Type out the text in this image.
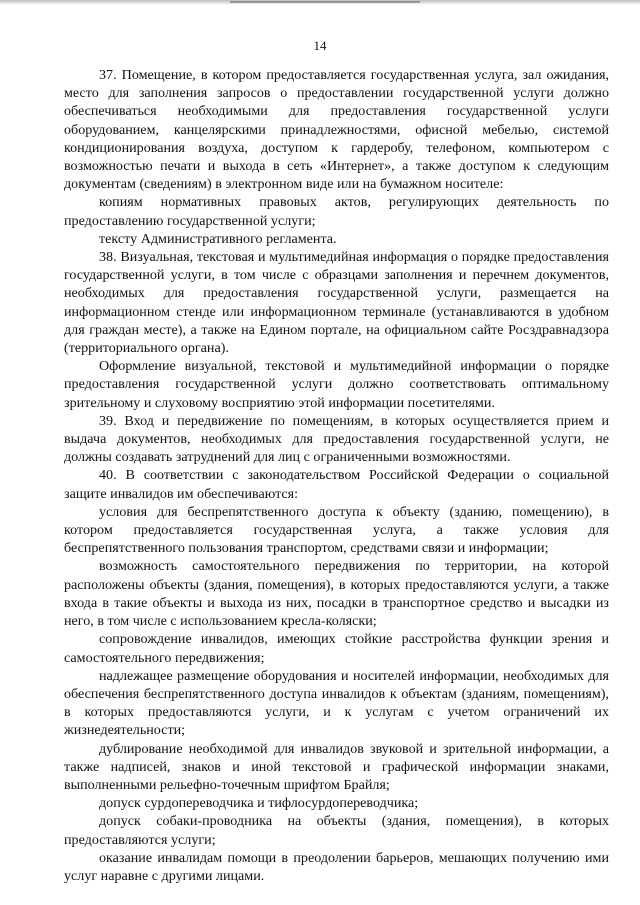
14

37. Помещение, в котором предоставляется государственная услуга, зал ожидания, место для заполнения запросов о предоставлении государственной услуги должно обеспечиваться необходимыми для предоставления государственной услуги оборудованием, канцелярскими принадлежностями, офисной мебелью, системой кондиционирования воздуха, доступом к гардеробу, телефоном, компьютером с возможностью печати и выхода в сеть «Интернет», а также доступом к следующим документам (сведениям) в электронном виде или на бумажном носителе:

копиям нормативных правовых актов, регулирующих деятельность по предоставлению государственной услуги;

тексту Административного регламента.

38. Визуальная, текстовая и мультимедийная информация о порядке предоставления государственной услуги, в том числе с образцами заполнения и перечнем документов, необходимых для предоставления государственной услуги, размещается на информационном стенде или информационном терминале (устанавливаются в удобном для граждан месте), а также на Едином портале, на официальном сайте Росздравнадзора (территориального органа).

Оформление визуальной, текстовой и мультимедийной информации о порядке предоставления государственной услуги должно соответствовать оптимальному зрительному и слуховому восприятию этой информации посетителями.

39. Вход и передвижение по помещениям, в которых осуществляется прием и выдача документов, необходимых для предоставления государственной услуги, не должны создавать затруднений для лиц с ограниченными возможностями.

40. В соответствии с законодательством Российской Федерации о социальной защите инвалидов им обеспечиваются:

условия для беспрепятственного доступа к объекту (зданию, помещению), в котором предоставляется государственная услуга, а также условия для беспрепятственного пользования транспортом, средствами связи и информации;

возможность самостоятельного передвижения по территории, на которой расположены объекты (здания, помещения), в которых предоставляются услуги, а также входа в такие объекты и выхода из них, посадки в транспортное средство и высадки из него, в том числе с использованием кресла-коляски;

сопровождение инвалидов, имеющих стойкие расстройства функции зрения и самостоятельного передвижения;

надлежащее размещение оборудования и носителей информации, необходимых для обеспечения беспрепятственного доступа инвалидов к объектам (зданиям, помещениям), в которых предоставляются услуги, и к услугам с учетом ограничений их жизнедеятельности;

дублирование необходимой для инвалидов звуковой и зрительной информации, а также надписей, знаков и иной текстовой и графической информации знаками, выполненными рельефно-точечным шрифтом Брайля;

допуск сурдопереводчика и тифлосурдопереводчика;

допуск собаки-проводника на объекты (здания, помещения), в которых предоставляются услуги;

оказание инвалидам помощи в преодолении барьеров, мешающих получению ими услуг наравне с другими лицами.
